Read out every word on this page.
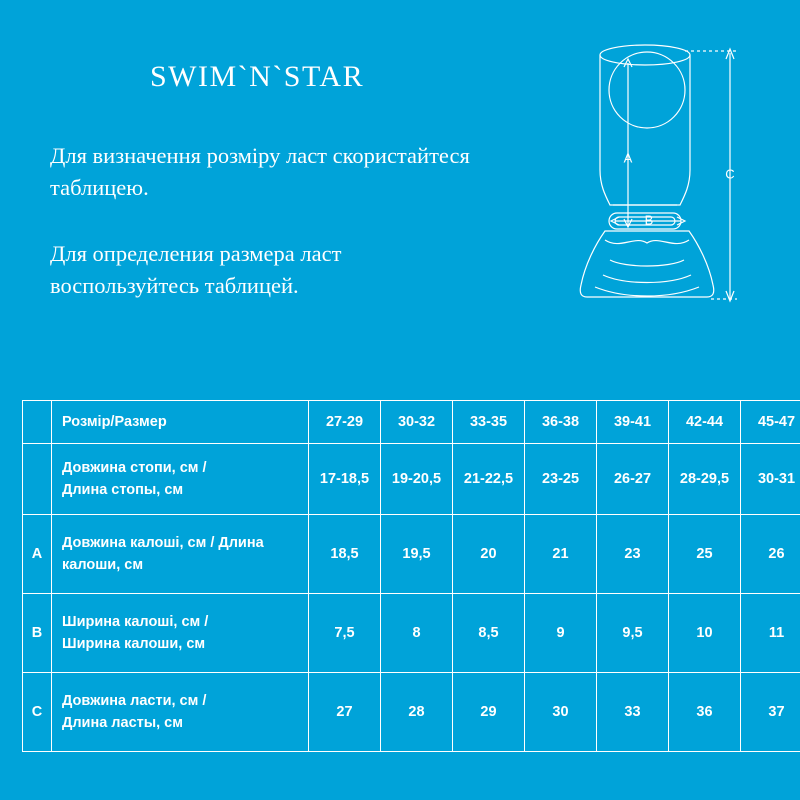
SWIM`N`STAR

Для визначення розміру ласт скористайтеся таблицею.

Для определения размера ласт воспользуйтесь таблицей.

A
B
C
	Розмір/Размер	27-29	30-32	33-35	36-38	39-41	42-44	45-47
	Довжина стопи, см /
Длина стопы, см	17-18,5	19-20,5	21-22,5	23-25	26-27	28-29,5	30-31
A	Довжина калоші, см / Длина
калоши, см	18,5	19,5	20	21	23	25	26
B	Ширина калоші, см /
Ширина калоши, см	7,5	8	8,5	9	9,5	10	11
C	Довжина ласти, см /
Длина ласты, см	27	28	29	30	33	36	37
